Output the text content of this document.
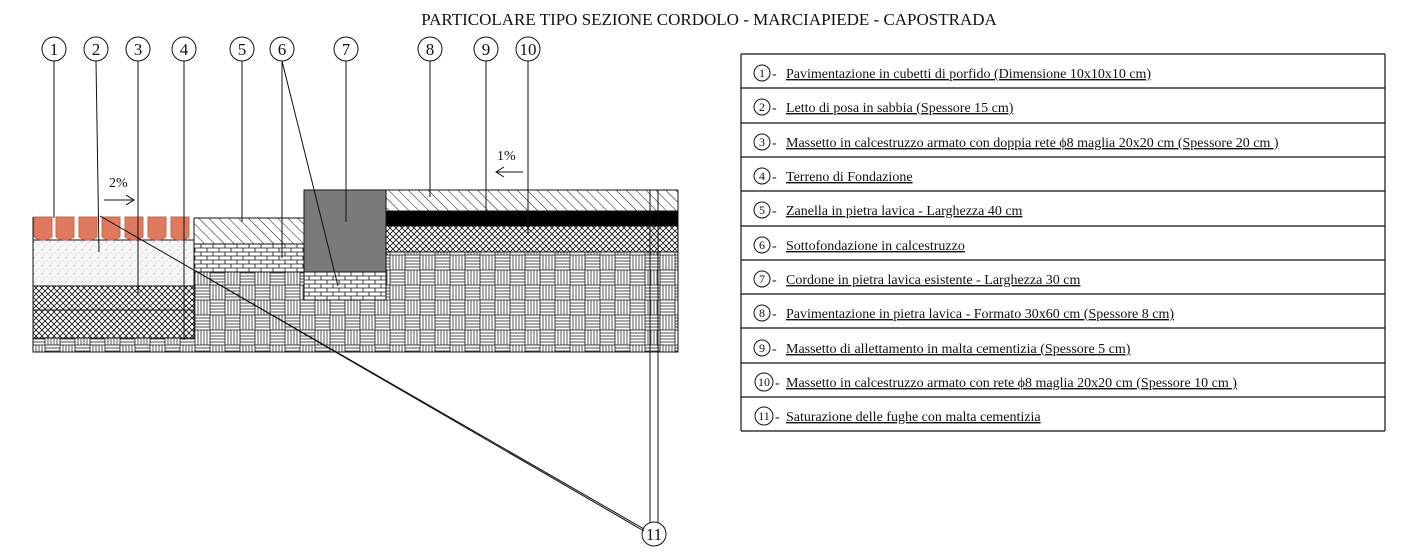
PARTICOLARE TIPO SEZIONE CORDOLO - MARCIAPIEDE - CAPOSTRADA
2%
1%
1 2 3 4	5 6	7	8	9 10
11
1 - Pavimentazione in cubetti di porfido (Dimensione 10x10x10 cm)
2 - Letto di posa in sabbia (Spessore 15 cm)
3 - Massetto in calcestruzzo armato con doppia rete ϕ8 maglia 20x20 cm (Spessore 20 cm )
4 - Terreno di Fondazione
5 - Zanella in pietra lavica - Larghezza 40 cm
6 - Sottofondazione in calcestruzzo
7 - Cordone in pietra lavica esistente - Larghezza 30 cm
8 - Pavimentazione in pietra lavica - Formato 30x60 cm (Spessore 8 cm)
9 - Massetto di allettamento in malta cementizia (Spessore 5 cm)
10 - Massetto in calcestruzzo armato con rete ϕ8 maglia 20x20 cm (Spessore 10 cm )
11 - Saturazione delle fughe con malta cementizia
